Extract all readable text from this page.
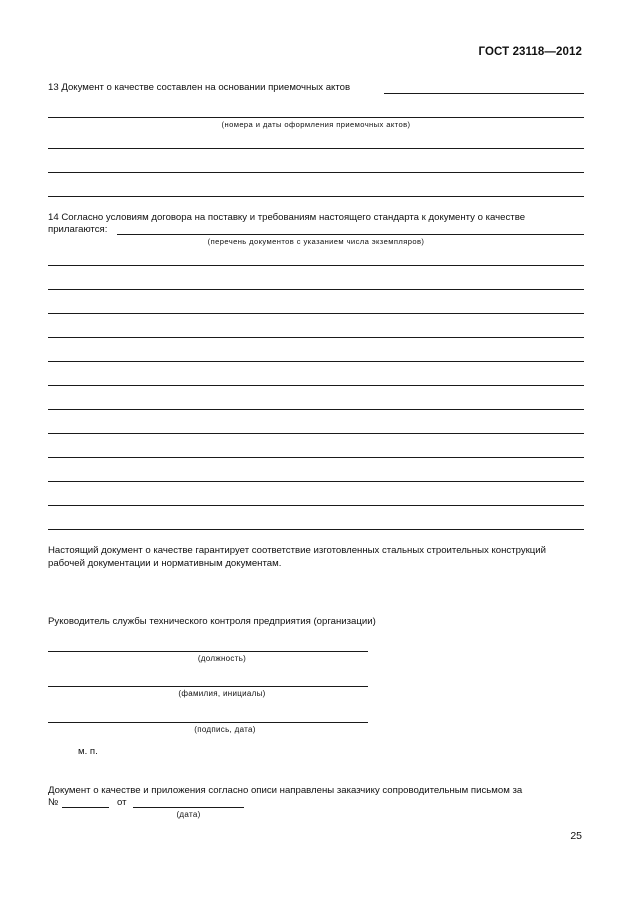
ГОСТ 23118—2012
13 Документ о качестве составлен на основании приемочных актов
(номера и даты оформления приемочных актов)
14 Согласно условиям договора на поставку и требованиям настоящего стандарта к документу о качестве
прилагаются:
(перечень документов с указанием числа экземпляров)
Настоящий документ о качестве гарантирует соответствие изготовленных стальных строительных конструкций
рабочей документации и нормативным документам.
Руководитель службы технического контроля предприятия (организации)
(должность)
(фамилия, инициалы)
(подпись, дата)
м. п.
Документ о качестве и приложения согласно описи направлены заказчику сопроводительным письмом за
№	от
(дата)
25
